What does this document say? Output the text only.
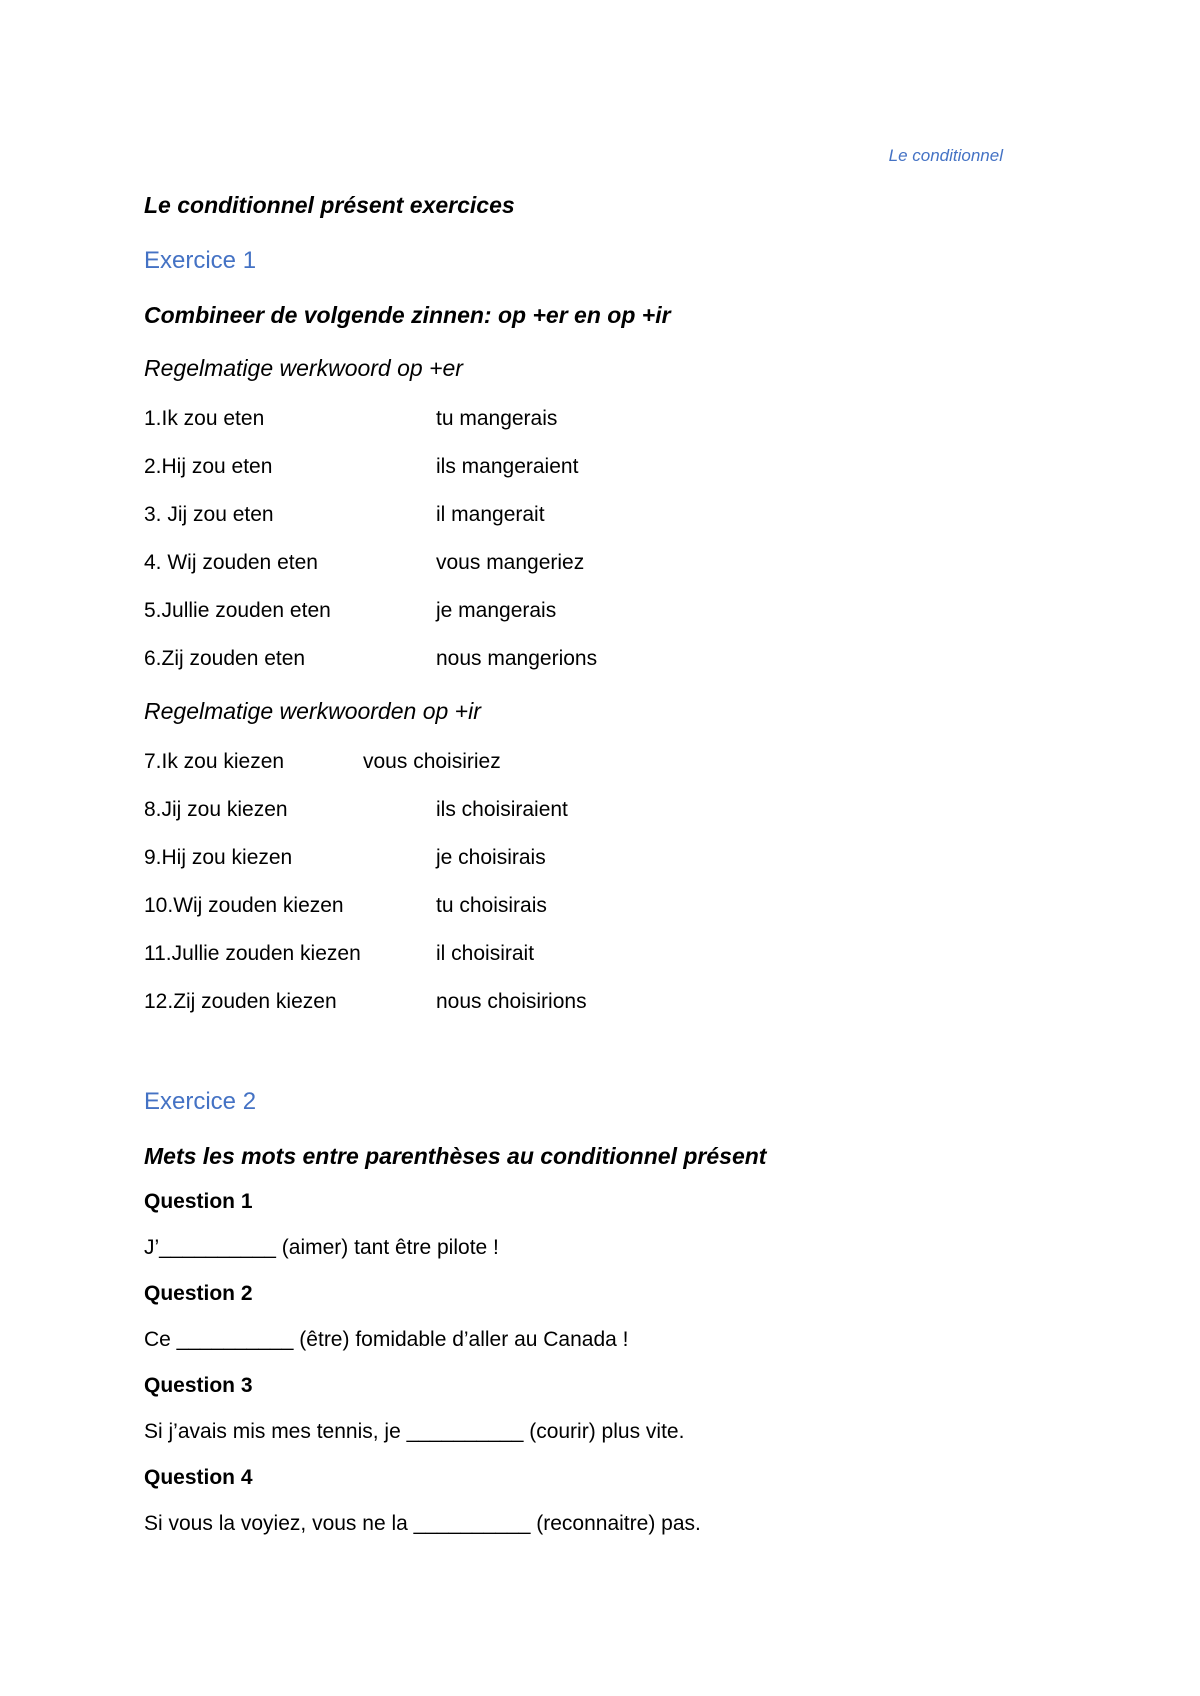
Le conditionnel
Le conditionnel présent exercices
Exercice 1
Combineer de volgende zinnen: op +er en op +ir
Regelmatige werkwoord op +er
1.Ik zou eten	tu mangerais
2.Hij zou eten	ils mangeraient
3. Jij zou eten	il mangerait
4. Wij zouden eten	vous mangeriez
5.Jullie zouden eten	je mangerais
6.Zij zouden eten	nous mangerions
Regelmatige werkwoorden op +ir
7.Ik zou kiezen	vous choisiriez
8.Jij zou kiezen	ils choisiraient
9.Hij zou kiezen	je choisirais
10.Wij zouden kiezen	tu choisirais
11.Jullie zouden kiezen	il choisirait
12.Zij zouden kiezen	nous choisirions
Exercice 2
Mets les mots entre parenthèses au conditionnel présent
Question 1
J’__________ (aimer) tant être pilote !
Question 2
Ce __________ (être) fomidable d’aller au Canada !
Question 3
Si j’avais mis mes tennis, je __________ (courir) plus vite.
Question 4
Si vous la voyiez, vous ne la __________ (reconnaitre) pas.
